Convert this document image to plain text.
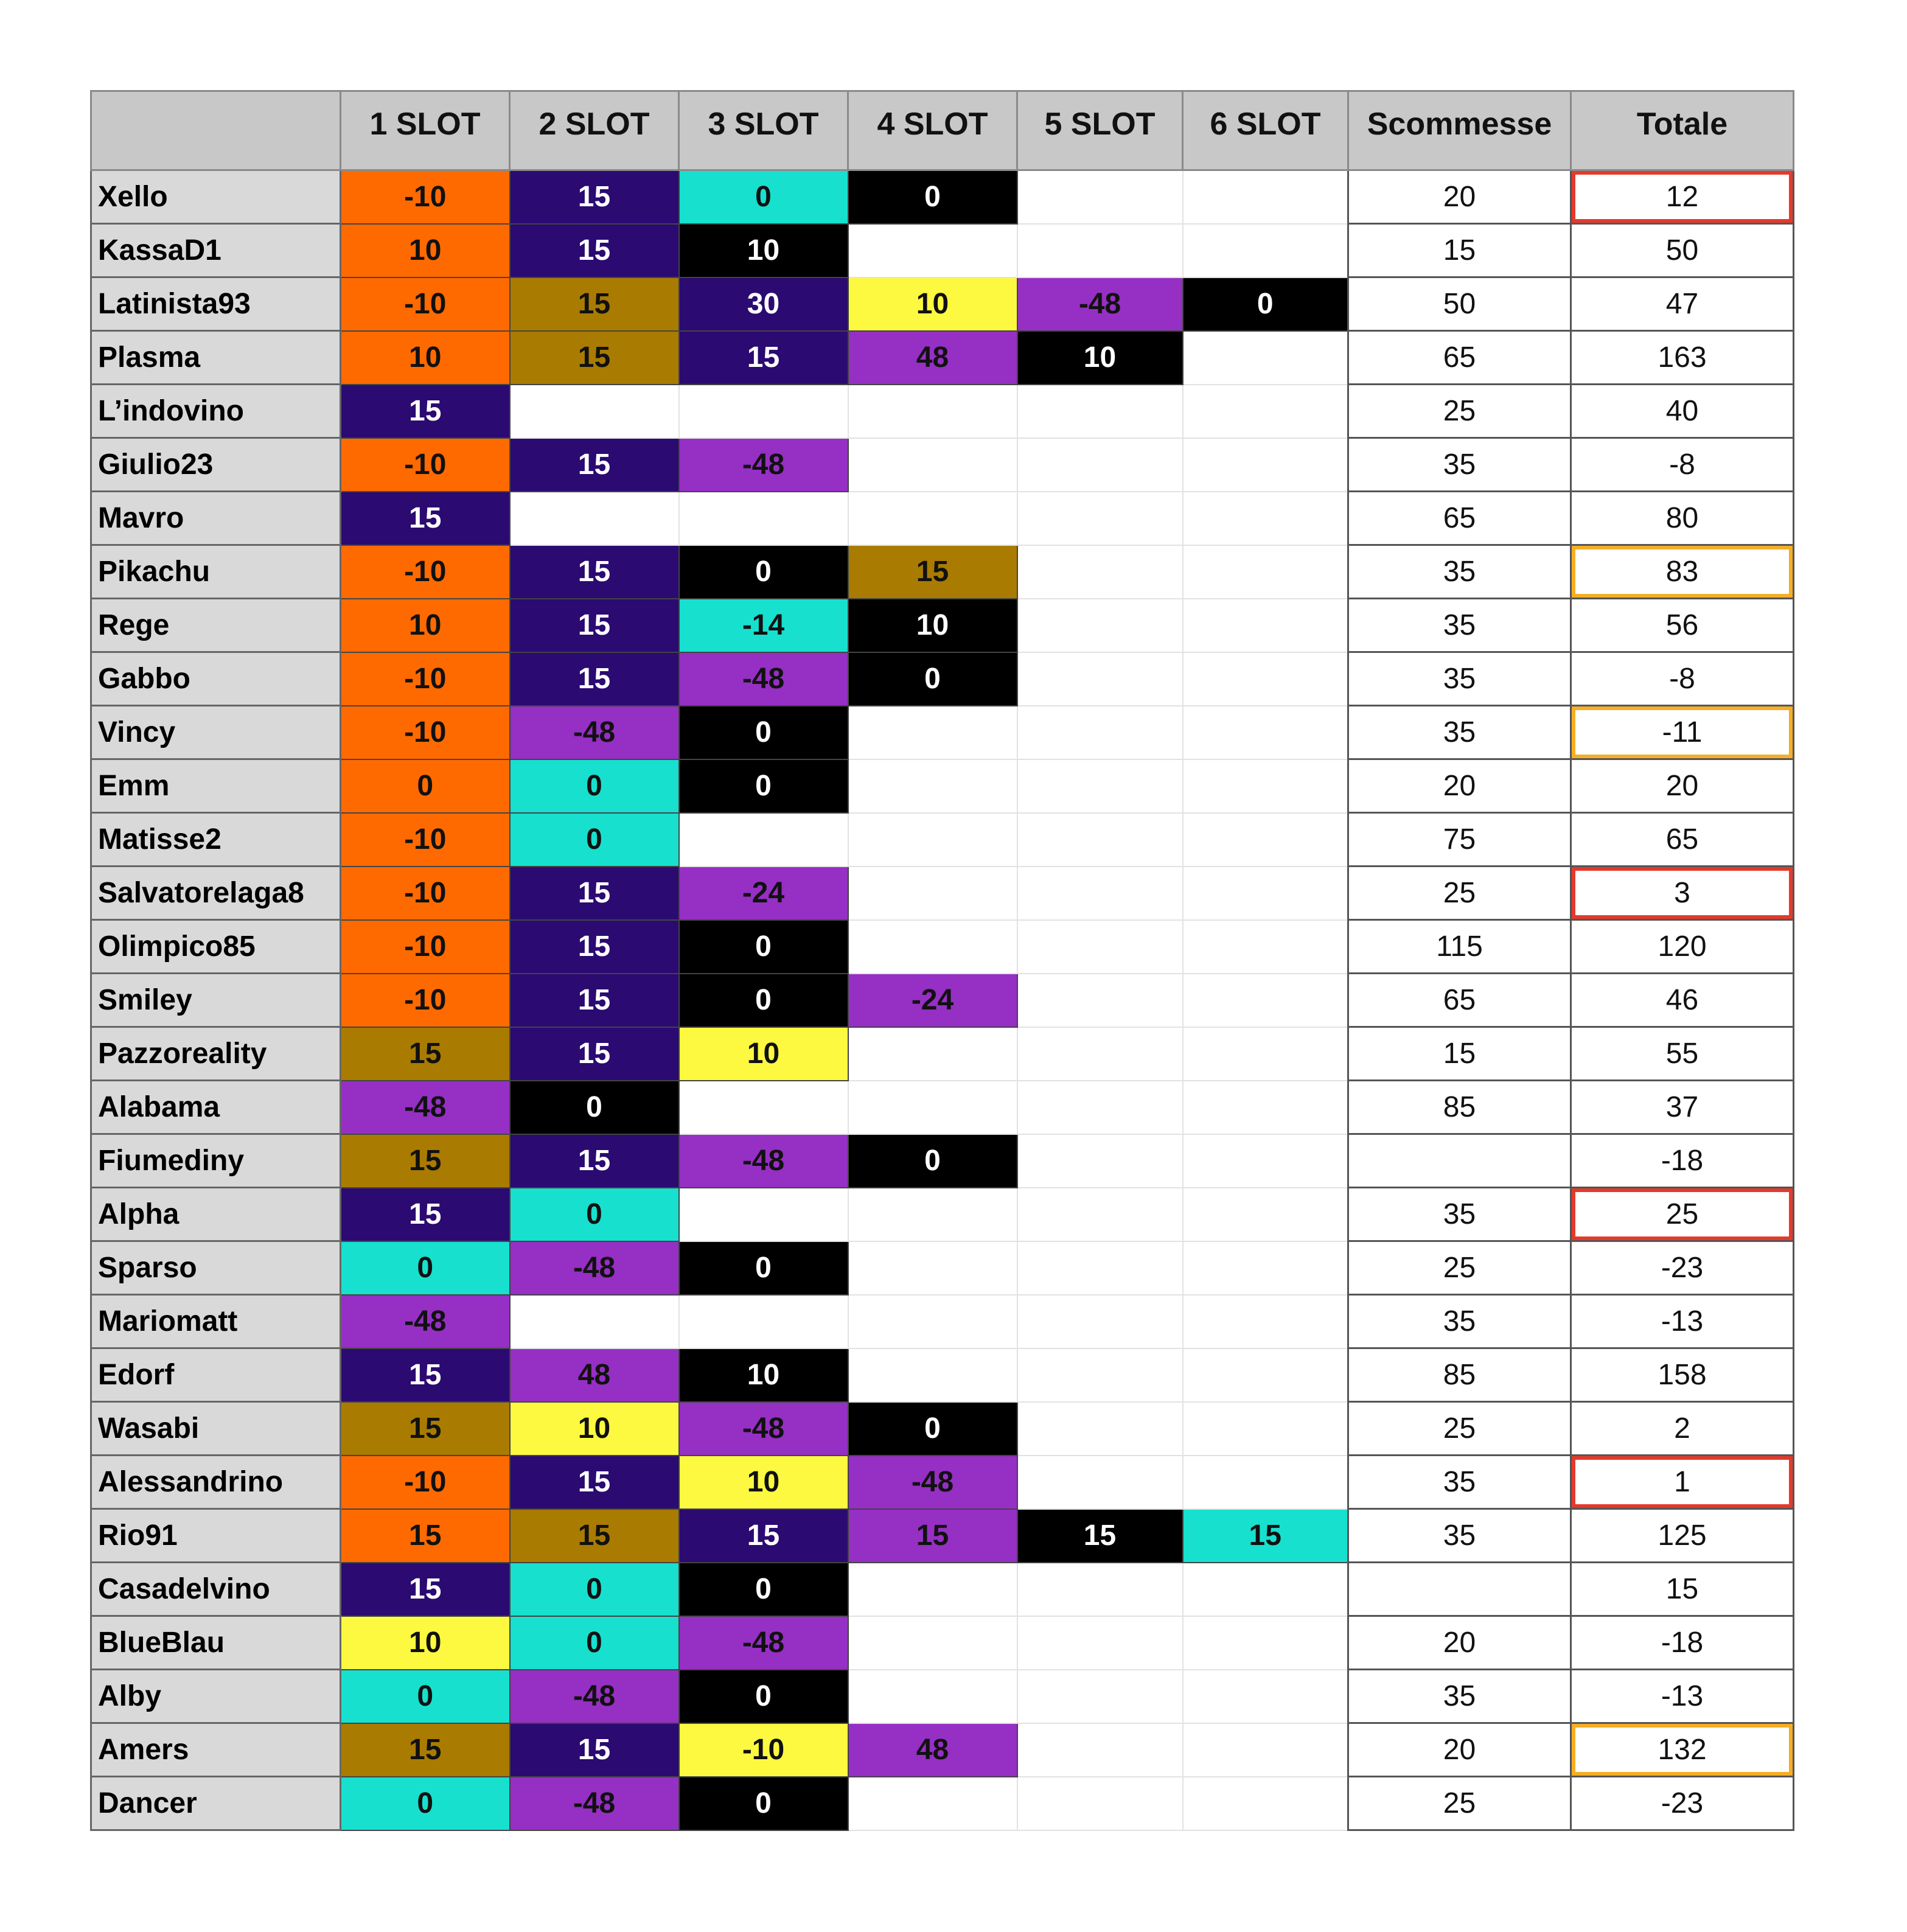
	1 SLOT	2 SLOT	3 SLOT	4 SLOT	5 SLOT	6 SLOT	Scommesse	Totale
Xello	-10	15	0	0			20	12
KassaD1	10	15	10				15	50
Latinista93	-10	15	30	10	-48	0	50	47
Plasma	10	15	15	48	10		65	163
L’indovino	15						25	40
Giulio23	-10	15	-48				35	-8
Mavro	15						65	80
Pikachu	-10	15	0	15			35	83
Rege	10	15	-14	10			35	56
Gabbo	-10	15	-48	0			35	-8
Vincy	-10	-48	0				35	-11
Emm	0	0	0				20	20
Matisse2	-10	0					75	65
Salvatorelaga8	-10	15	-24				25	3
Olimpico85	-10	15	0				115	120
Smiley	-10	15	0	-24			65	46
Pazzoreality	15	15	10				15	55
Alabama	-48	0					85	37
Fiumediny	15	15	-48	0				-18
Alpha	15	0					35	25
Sparso	0	-48	0				25	-23
Mariomatt	-48						35	-13
Edorf	15	48	10				85	158
Wasabi	15	10	-48	0			25	2
Alessandrino	-10	15	10	-48			35	1
Rio91	15	15	15	15	15	15	35	125
Casadelvino	15	0	0					15
BlueBlau	10	0	-48				20	-18
Alby	0	-48	0				35	-13
Amers	15	15	-10	48			20	132
Dancer	0	-48	0				25	-23
